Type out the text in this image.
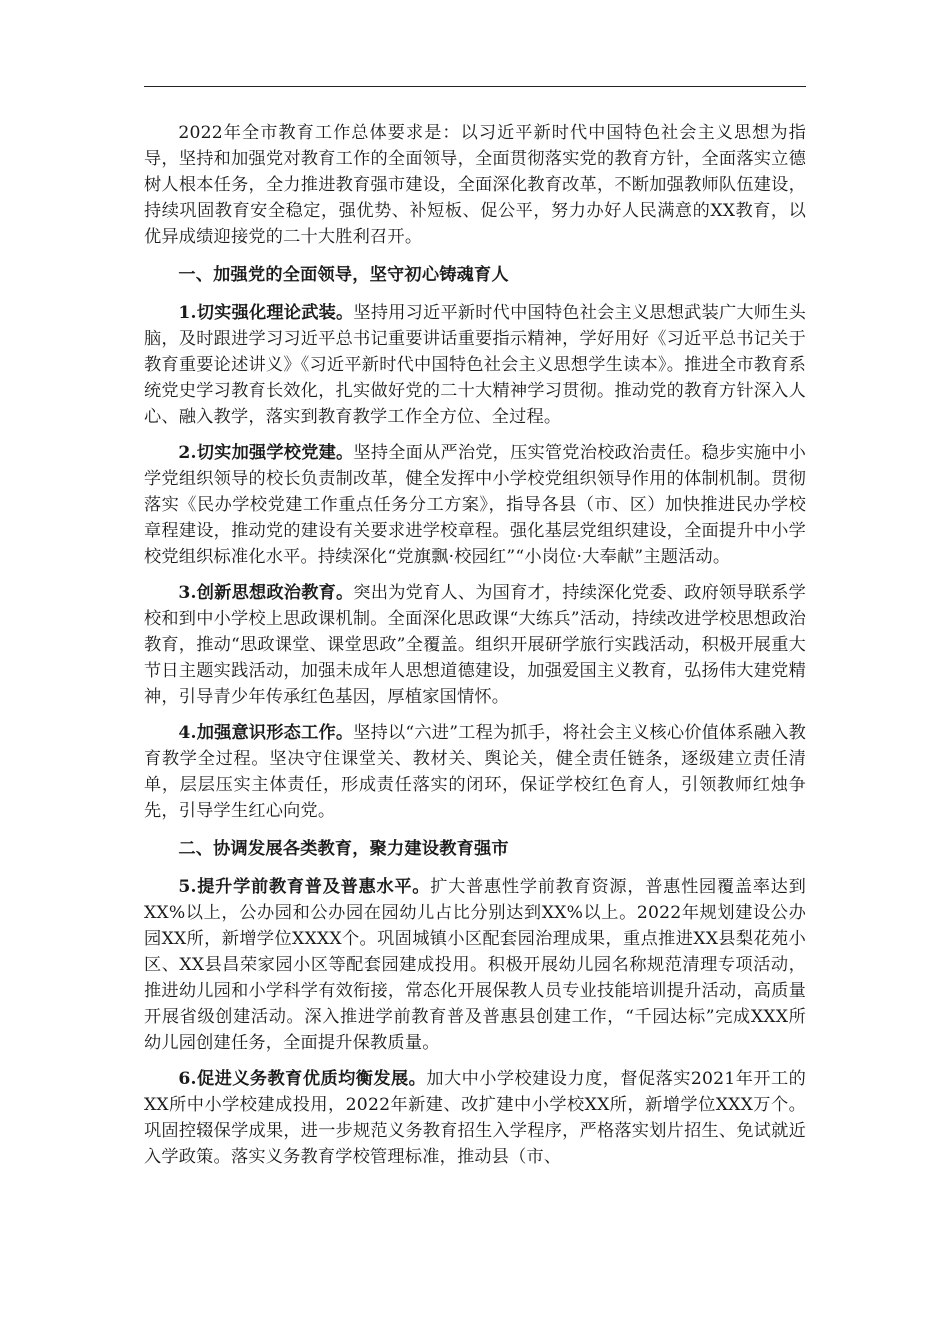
2022年全市教育工作总体要求是：以习近平新时代中国特色社会主义思想为指导，坚持和加强党对教育工作的全面领导，全面贯彻落实党的教育方针，全面落实立德树人根本任务，全力推进教育强市建设，全面深化教育改革，不断加强教师队伍建设，持续巩固教育安全稳定，强优势、补短板、促公平，努力办好人民满意的XX教育，以优异成绩迎接党的二十大胜利召开。

一、加强党的全面领导，坚守初心铸魂育人

1.切实强化理论武装。坚持用习近平新时代中国特色社会主义思想武装广大师生头脑，及时跟进学习习近平总书记重要讲话重要指示精神，学好用好《习近平总书记关于教育重要论述讲义》《习近平新时代中国特色社会主义思想学生读本》。推进全市教育系统党史学习教育长效化，扎实做好党的二十大精神学习贯彻。推动党的教育方针深入人心、融入教学，落实到教育教学工作全方位、全过程。

2.切实加强学校党建。坚持全面从严治党，压实管党治校政治责任。稳步实施中小学党组织领导的校长负责制改革，健全发挥中小学校党组织领导作用的体制机制。贯彻落实《民办学校党建工作重点任务分工方案》，指导各县（市、区）加快推进民办学校章程建设，推动党的建设有关要求进学校章程。强化基层党组织建设，全面提升中小学校党组织标准化水平。持续深化“党旗飘·校园红”“小岗位·大奉献”主题活动。

3.创新思想政治教育。突出为党育人、为国育才，持续深化党委、政府领导联系学校和到中小学校上思政课机制。全面深化思政课“大练兵”活动，持续改进学校思想政治教育，推动“思政课堂、课堂思政”全覆盖。组织开展研学旅行实践活动，积极开展重大节日主题实践活动，加强未成年人思想道德建设，加强爱国主义教育，弘扬伟大建党精神，引导青少年传承红色基因，厚植家国情怀。

4.加强意识形态工作。坚持以“六进”工程为抓手，将社会主义核心价值体系融入教育教学全过程。坚决守住课堂关、教材关、舆论关，健全责任链条，逐级建立责任清单，层层压实主体责任，形成责任落实的闭环，保证学校红色育人，引领教师红烛争先，引导学生红心向党。

二、协调发展各类教育，聚力建设教育强市

5.提升学前教育普及普惠水平。扩大普惠性学前教育资源，普惠性园覆盖率达到XX%以上，公办园和公办园在园幼儿占比分别达到XX%以上。2022年规划建设公办园XX所，新增学位XXXX个。巩固城镇小区配套园治理成果，重点推进XX县梨花苑小区、XX县昌荣家园小区等配套园建成投用。积极开展幼儿园名称规范清理专项活动，推进幼儿园和小学科学有效衔接，常态化开展保教人员专业技能培训提升活动，高质量开展省级创建活动。深入推进学前教育普及普惠县创建工作，“千园达标”完成XXX所幼儿园创建任务，全面提升保教质量。

6.促进义务教育优质均衡发展。加大中小学校建设力度，督促落实2021年开工的XX所中小学校建成投用，2022年新建、改扩建中小学校XX所，新增学位XXX万个。巩固控辍保学成果，进一步规范义务教育招生入学程序，严格落实划片招生、免试就近入学政策。落实义务教育学校管理标准，推动县（市、
